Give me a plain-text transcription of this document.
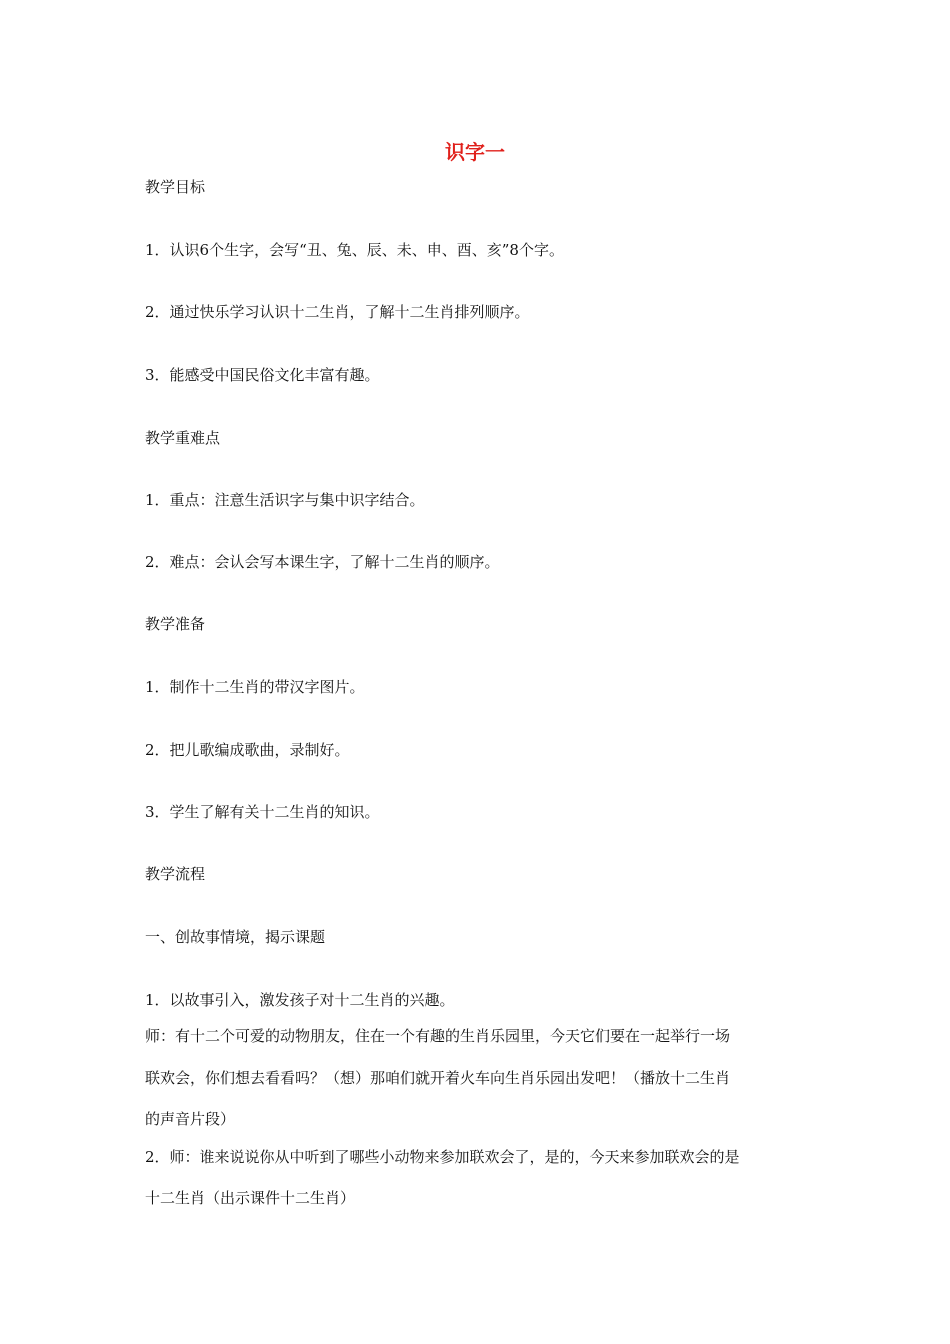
识字一

教学目标

1．认识6个生字，会写“丑、兔、辰、未、申、酉、亥”8个字。

2．通过快乐学习认识十二生肖，了解十二生肖排列顺序。

3．能感受中国民俗文化丰富有趣。

教学重难点

1．重点：注意生活识字与集中识字结合。

2．难点：会认会写本课生字，了解十二生肖的顺序。

教学准备

1．制作十二生肖的带汉字图片。

2．把儿歌编成歌曲，录制好。

3．学生了解有关十二生肖的知识。

教学流程

一、创故事情境，揭示课题

1．以故事引入，激发孩子对十二生肖的兴趣。

师：有十二个可爱的动物朋友，住在一个有趣的生肖乐园里，今天它们要在一起举行一场

联欢会，你们想去看看吗？（想）那咱们就开着火车向生肖乐园出发吧！（播放十二生肖

的声音片段）

2．师：谁来说说你从中听到了哪些小动物来参加联欢会了，是的，今天来参加联欢会的是

十二生肖（出示课件十二生肖）
